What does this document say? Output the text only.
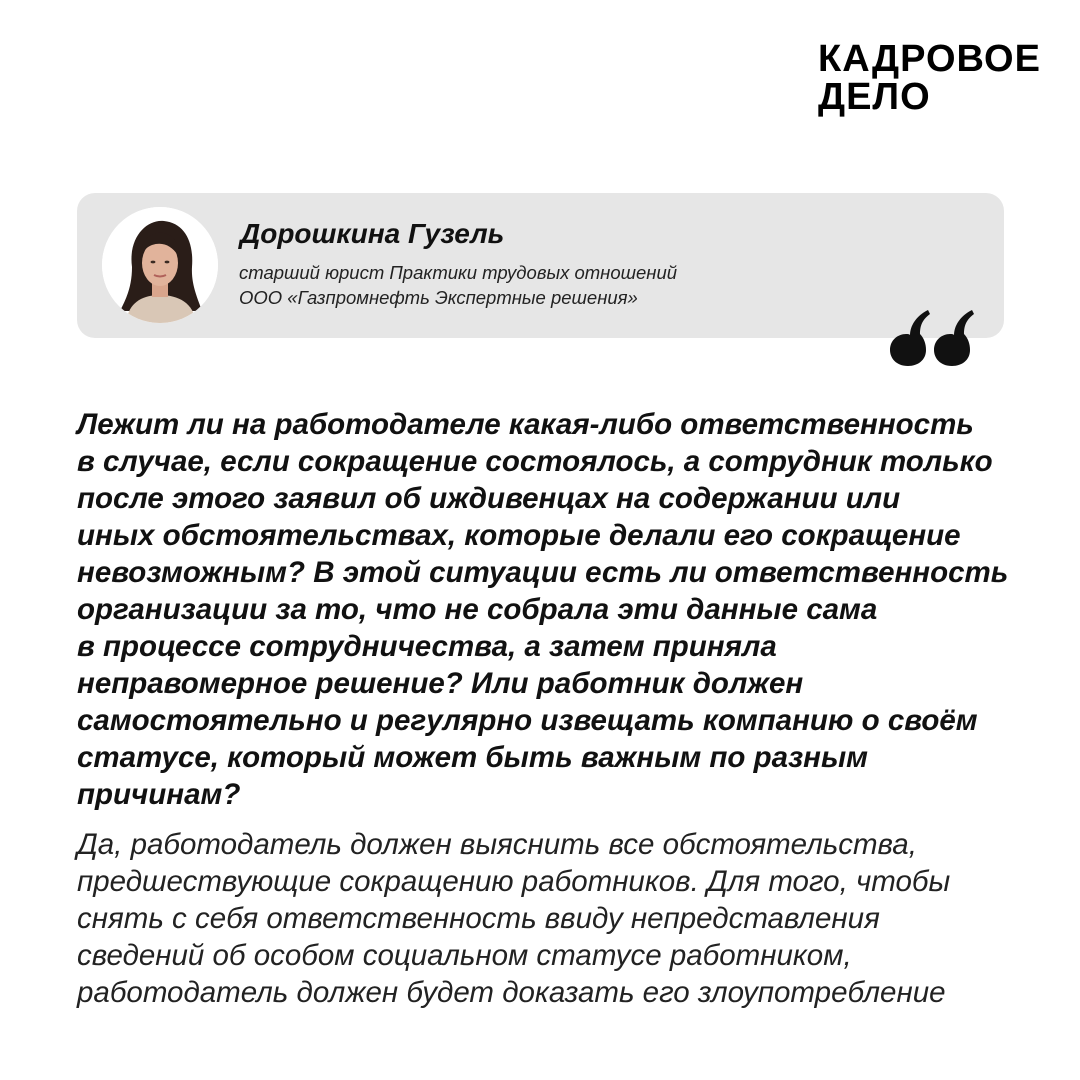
КАДРОВОЕ
ДЕЛО
Дорошкина Гузель
старший юрист Практики трудовых отношений
ООО «Газпромнефть Экспертные решения»
Лежит ли на работодателе какая-либо ответственность
в случае, если сокращение состоялось, а сотрудник только
после этого заявил об иждивенцах на содержании или
иных обстоятельствах, которые делали его сокращение
невозможным? В этой ситуации есть ли ответственность
организации за то, что не собрала эти данные сама
в процессе сотрудничества, а затем приняла
неправомерное решение? Или работник должен
самостоятельно и регулярно извещать компанию о своём
статусе, который может быть важным по разным
причинам?
Да, работодатель должен выяснить все обстоятельства,
предшествующие сокращению работников. Для того, чтобы
снять с себя ответственность ввиду непредставления
сведений об особом социальном статусе работником,
работодатель должен будет доказать его злоупотребление
